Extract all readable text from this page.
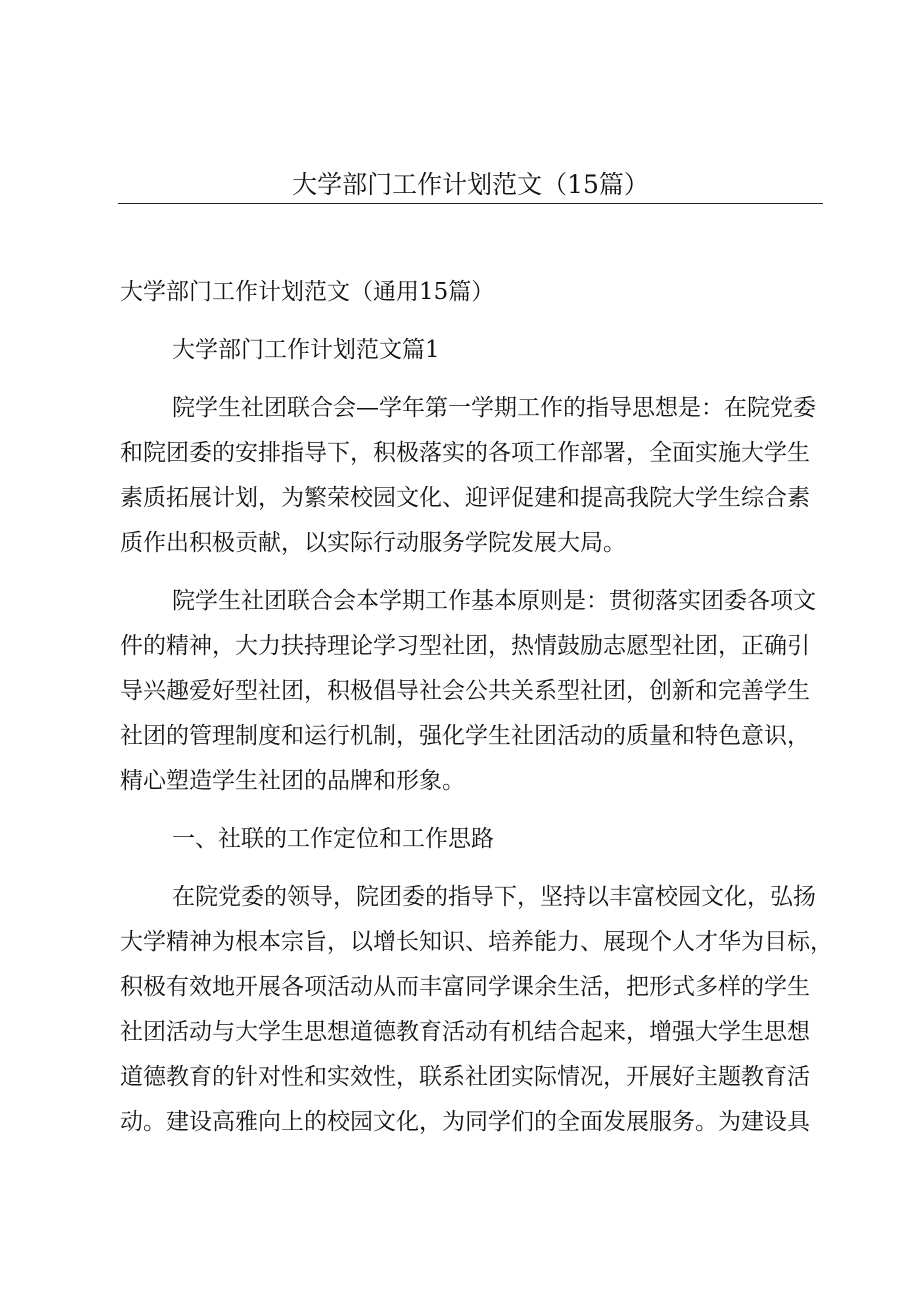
大学部门工作计划范文（15篇）
大学部门工作计划范文（通用15篇）
大学部门工作计划范文篇1
院学生社团联合会—学年第一学期工作的指导思想是：在院党委
和院团委的安排指导下，积极落实的各项工作部署，全面实施大学生
素质拓展计划，为繁荣校园文化、迎评促建和提高我院大学生综合素
质作出积极贡献，以实际行动服务学院发展大局。
院学生社团联合会本学期工作基本原则是：贯彻落实团委各项文
件的精神，大力扶持理论学习型社团，热情鼓励志愿型社团，正确引
导兴趣爱好型社团，积极倡导社会公共关系型社团，创新和完善学生
社团的管理制度和运行机制，强化学生社团活动的质量和特色意识，
精心塑造学生社团的品牌和形象。
一、社联的工作定位和工作思路
在院党委的领导，院团委的指导下，坚持以丰富校园文化，弘扬
大学精神为根本宗旨，以增长知识、培养能力、展现个人才华为目标，
积极有效地开展各项活动从而丰富同学课余生活，把形式多样的学生
社团活动与大学生思想道德教育活动有机结合起来，增强大学生思想
道德教育的针对性和实效性，联系社团实际情况，开展好主题教育活
动。建设高雅向上的校园文化，为同学们的全面发展服务。为建设具
